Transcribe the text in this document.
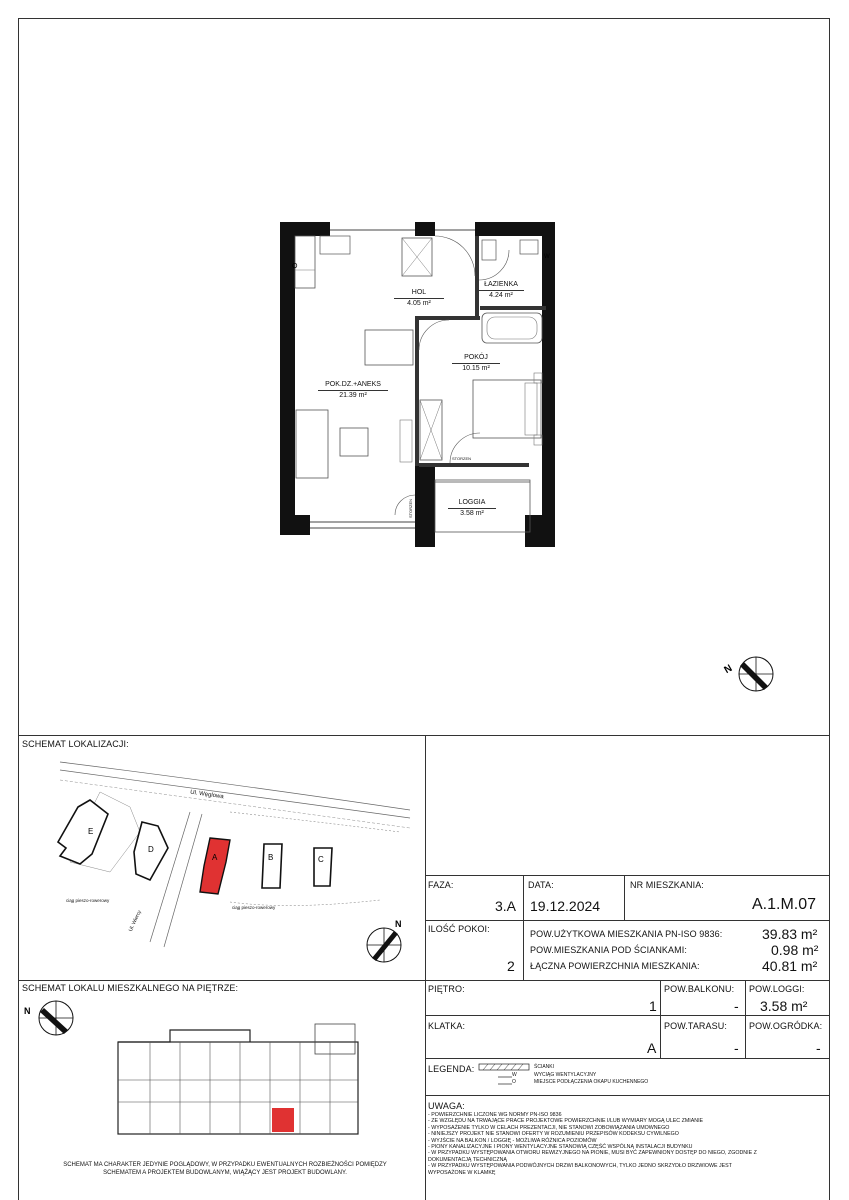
O
W
HOL
4.05 m²
ŁAZIENKA
4.24 m²
POKÓJ
10.15 m²
POK.DZ.+ANEKS
21.39 m²
LOGGIA
3.58 m²
STORZEN
STORZEN
N
SCHEMAT LOKALIZACJI:
E
D
A	B	C
Ul. Węglowa
Ul. Wiercy
ciąg pieszo-rowerowy
ciąg pieszo-rowerowy
N
SCHEMAT LOKALU MIESZKALNEGO NA PIĘTRZE:
N
SCHEMAT MA CHARAKTER JEDYNIE POGLĄDOWY, W PRZYPADKU EWENTUALNYCH ROZBIEŻNOŚCI POMIĘDZY
SCHEMATEM A PROJEKTEM BUDOWLANYM, WIĄŻĄCY JEST PROJEKT BUDOWLANY.
FAZA:
3.A
DATA:
19.12.2024
NR MIESZKANIA:
A.1.M.07
ILOŚĆ POKOI:
2
POW.UŻYTKOWA MIESZKANIA PN-ISO 9836:	39.83 m²
POW.MIESZKANIA POD ŚCIANKAMI:	0.98 m²
ŁĄCZNA POWIERZCHNIA MIESZKANIA:	40.81 m²
PIĘTRO:
1
POW.BALKONU:
-
POW.LOGGI:
3.58 m²
KLATKA:
A
POW.TARASU:
-
POW.OGRÓDKA:
-
LEGENDA:
W
O
ŚCIANKI
WYCIĄG WENTYLACYJNY
MIEJSCE PODŁĄCZENIA OKAPU KUCHENNEGO
UWAGA:
- POWIERZCHNIE LICZONE WG NORMY PN-ISO 9836
- ZE WZGLĘDU NA TRWAJĄCE PRACE PROJEKTOWE POWIERZCHNIE I/LUB WYMIARY MOGĄ ULEC ZMIANIE
- WYPOSAŻENIE TYLKO W CELACH PREZENTACJI, NIE STANOWI ZOBOWIĄZANIA UMOWNEGO
- NINIEJSZY PROJEKT NIE STANOWI OFERTY W ROZUMIENIU PRZEPISÓW KODEKSU CYWILNEGO
- WYJŚCIE NA BALKON / LOGGIĘ - MOŻLIWA RÓŻNICA POZIOMÓW
- PIONY KANALIZACYJNE I PIONY WENTYLACYJNE STANOWIĄ CZĘŚĆ WSPÓLNĄ INSTALACJI BUDYNKU
- W PRZYPADKU WYSTĘPOWANIA OTWORU REWIZYJNEGO NA PIONIE, MUSI BYĆ ZAPEWNIONY DOSTĘP DO NIEGO, ZGODNIE Z DOKUMENTACJĄ TECHNICZNĄ
- W PRZYPADKU WYSTĘPOWANIA PODWÓJNYCH DRZWI BALKONOWYCH, TYLKO JEDNO SKRZYDŁO DRZWIOWE JEST WYPOSAŻONE W KLAMKĘ
